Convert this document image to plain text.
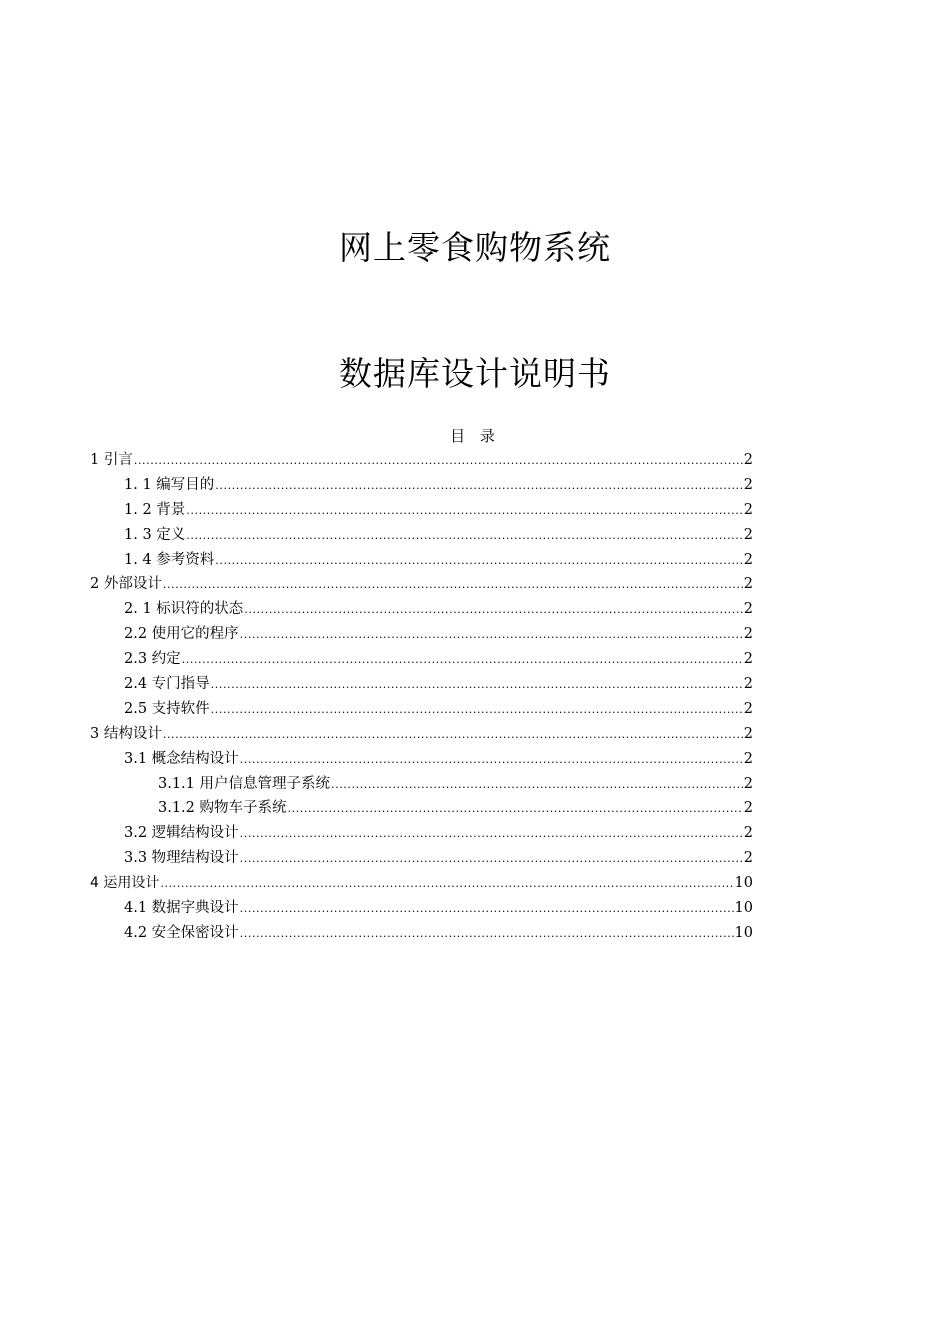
网上零食购物系统
数据库设计说明书
目 录
1 引言 .....	2
1. 1 编写目的 .....	2
1. 2 背景 .....	2
1. 3 定义 .....	2
1. 4 参考资料 .....	2
2 外部设计 .....	2
2. 1 标识符的状态 .....	2
2.2 使用它的程序 .....	2
2.3 约定 .....	2
2.4 专门指导 .....	2
2.5 支持软件 .....	2
3 结构设计 .....	2
3.1 概念结构设计 .....	2
3.1.1 用户信息管理子系统 .....	2
3.1.2 购物车子系统 .....	2
3.2 逻辑结构设计 .....	2
3.3 物理结构设计 .....	2
4 运用设计 .....	10
4.1 数据字典设计 .....	10
4.2 安全保密设计 .....	10
